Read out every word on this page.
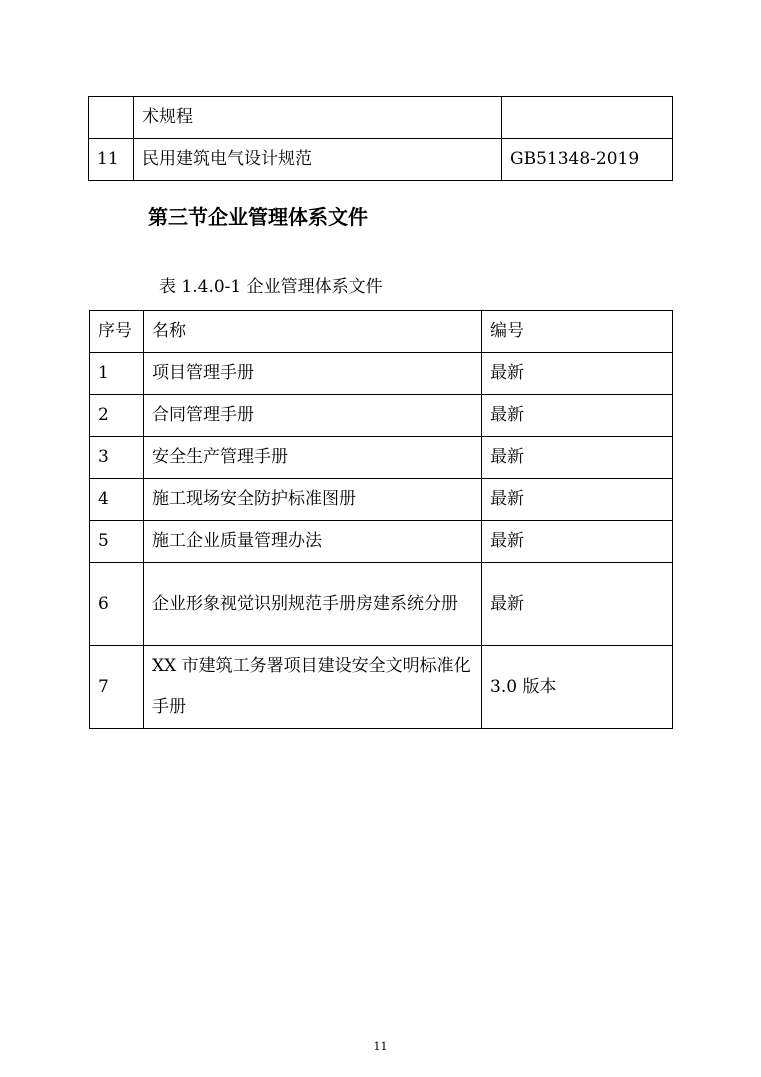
	术规程	
11	民用建筑电气设计规范	GB51348-2019
第三节企业管理体系文件
表 1.4.0-1 企业管理体系文件
序号	名称	编号
1	项目管理手册	最新
2	合同管理手册	最新
3	安全生产管理手册	最新
4	施工现场安全防护标准图册	最新
5	施工企业质量管理办法	最新
6	企业形象视觉识别规范手册房建系统分册	最新
7	XX 市建筑工务署项目建设安全文明标准化手册	3.0 版本
11
